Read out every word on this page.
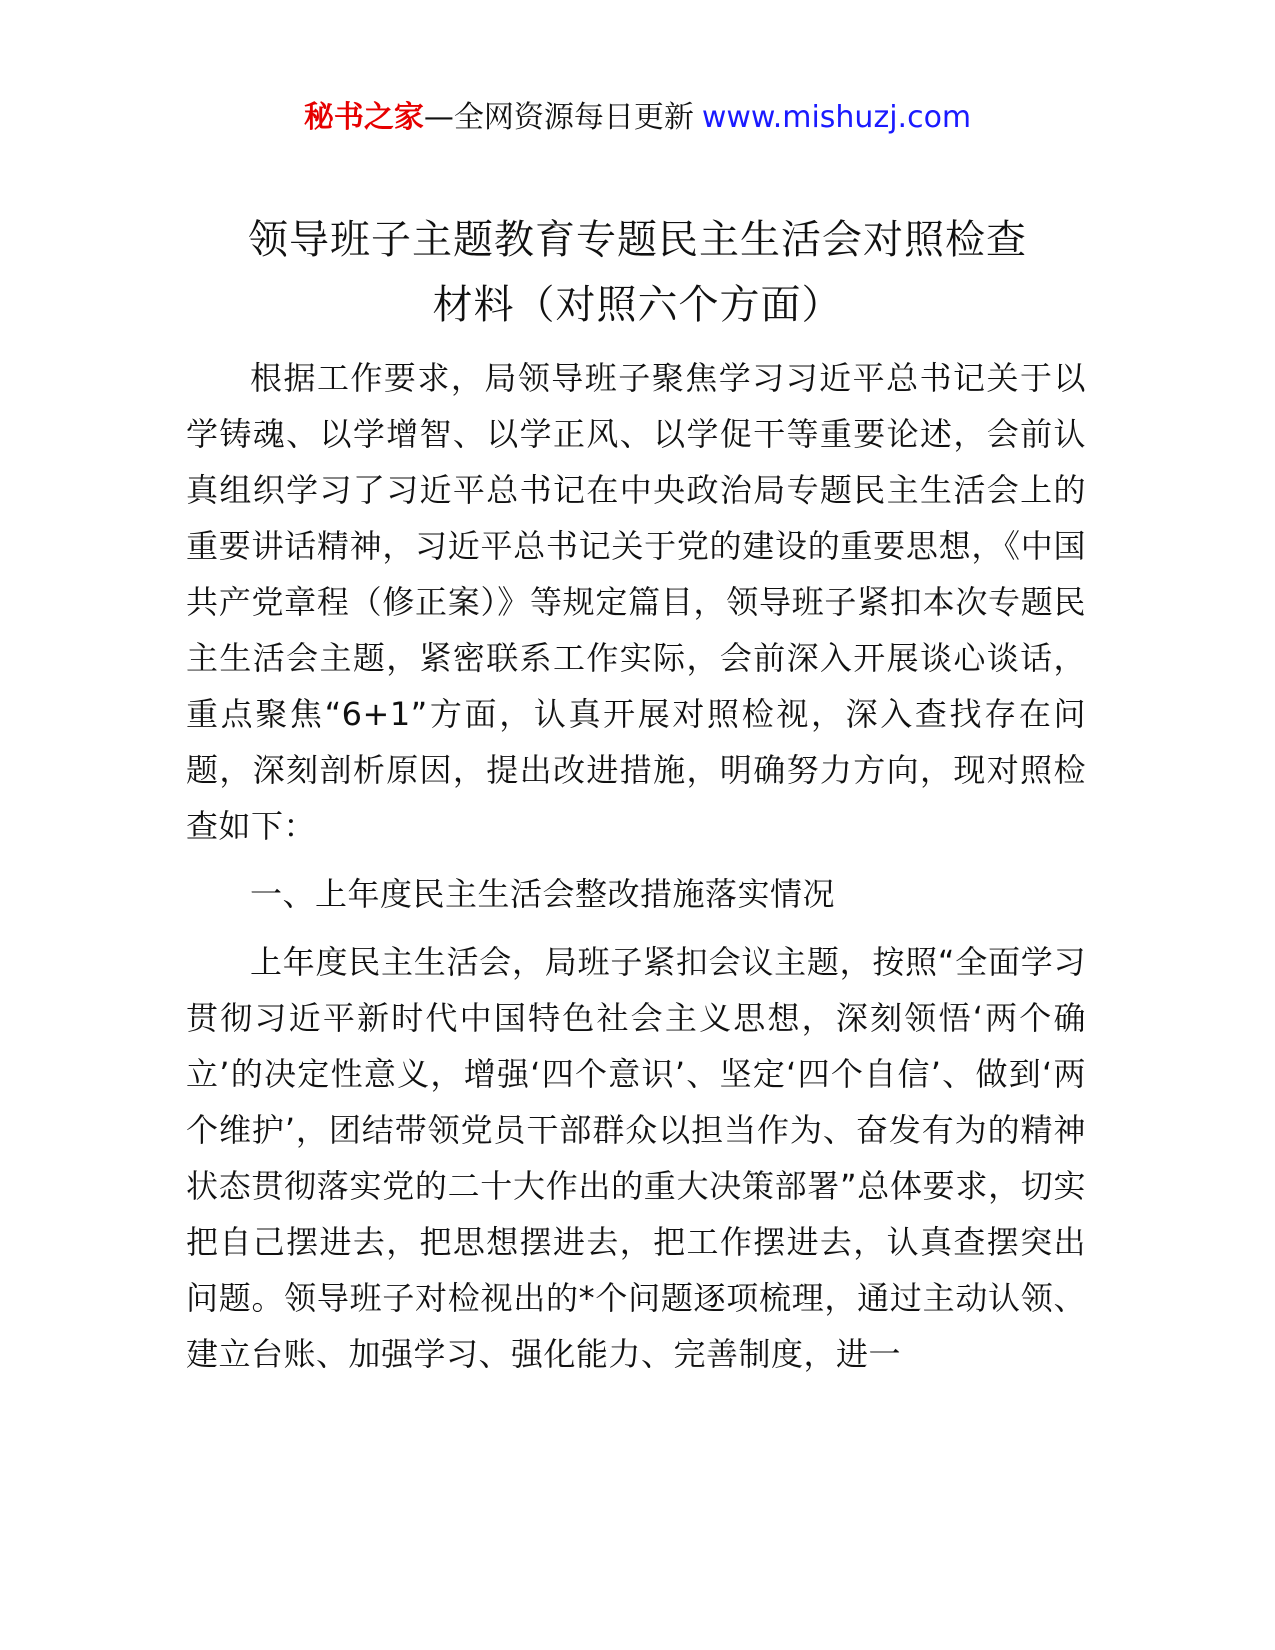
秘书之家—全网资源每日更新 www.mishuzj.com
领导班子主题教育专题民主生活会对照检查
材料（对照六个方面）

根据工作要求，局领导班子聚焦学习习近平总书记关于以学铸魂、以学增智、以学正风、以学促干等重要论述，会前认真组织学习了习近平总书记在中央政治局专题民主生活会上的重要讲话精神，习近平总书记关于党的建设的重要思想，《中国共产党章程（修正案）》等规定篇目，领导班子紧扣本次专题民主生活会主题，紧密联系工作实际，会前深入开展谈心谈话，重点聚焦“6+1”方面，认真开展对照检视，深入查找存在问题，深刻剖析原因，提出改进措施，明确努力方向，现对照检查如下：

一、上年度民主生活会整改措施落实情况

上年度民主生活会，局班子紧扣会议主题，按照“全面学习贯彻习近平新时代中国特色社会主义思想，深刻领悟‘两个确立’的决定性意义，增强‘四个意识’、坚定‘四个自信’、做到‘两个维护’，团结带领党员干部群众以担当作为、奋发有为的精神状态贯彻落实党的二十大作出的重大决策部署”总体要求，切实把自己摆进去，把思想摆进去，把工作摆进去，认真查摆突出问题。领导班子对检视出的*个问题逐项梳理，通过主动认领、建立台账、加强学习、强化能力、完善制度，进一
